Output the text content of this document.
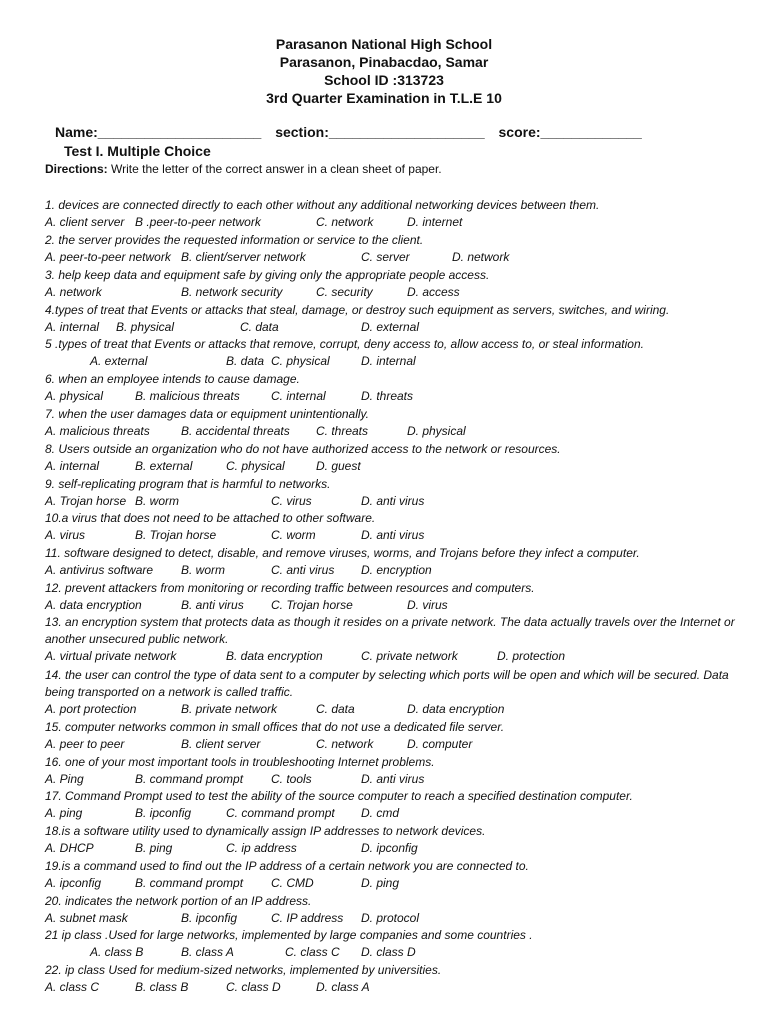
Parasanon National High School
Parasanon, Pinabacdao, Samar
School ID :313723
3rd Quarter Examination in T.L.E 10
Name:_____________________ section:____________________ score:_____________
Test I. Multiple Choice
Directions: Write the letter of the correct answer in a clean sheet of paper.
1. devices are connected directly to each other without any additional networking devices between them.
A. client server B .peer-to-peer network	C. network	D. internet
2. the server provides the requested information or service to the client.
A. peer-to-peer network B. client/server network	C. server	D. network
3. help keep data and equipment safe by giving only the appropriate people access.
A. network	B. network security	C. security	D. access
4.types of treat that Events or attacks that steal, damage, or destroy such equipment as servers, switches, and wiring.
A. internal B. physical	C. data	D. external
5 .types of treat that Events or attacks that remove, corrupt, deny access to, allow access to, or steal information.
A. external	B. data C. physical	D. internal
6. when an employee intends to cause damage.
A. physical	B. malicious threats	C. internal	D. threats
7. when the user damages data or equipment unintentionally.
A. malicious threats	B. accidental threats C. threats	D. physical
8. Users outside an organization who do not have authorized access to the network or resources.
A. internal	B. external	C. physical	D. guest
9. self-replicating program that is harmful to networks.
A. Trojan horse B. worm	C. virus	D. anti virus
10.a virus that does not need to be attached to other software.
A. virus	B. Trojan horse	C. worm	D. anti virus
11. software designed to detect, disable, and remove viruses, worms, and Trojans before they infect a computer.
A. antivirus software B. worm	C. anti virus D. encryption
12. prevent attackers from monitoring or recording traffic between resources and computers.
A. data encryption	B. anti virus C. Trojan horse	D. virus
13. an encryption system that protects data as though it resides on a private network. The data actually travels over the Internet or another unsecured public network.
A. virtual private network	B. data encryption	C. private network	D. protection
14. the user can control the type of data sent to a computer by selecting which ports will be open and which will be secured. Data being transported on a network is called traffic.
A. port protection	B. private network	C. data	D. data encryption
15. computer networks common in small offices that do not use a dedicated file server.
A. peer to peer	B. client server	C. network	D. computer
16. one of your most important tools in troubleshooting Internet problems.
A. Ping	B. command prompt C. tools	D. anti virus
17. Command Prompt used to test the ability of the source computer to reach a specified destination computer.
A. ping	B. ipconfig	C. command prompt D. cmd
18.is a software utility used to dynamically assign IP addresses to network devices.
A. DHCP	B. ping	C. ip address	D. ipconfig
19.is a command used to find out the IP address of a certain network you are connected to.
A. ipconfig	B. command prompt C. CMD	D. ping
20. indicates the network portion of an IP address.
A. subnet mask	B. ipconfig	C. IP address D. protocol
21 ip class .Used for large networks, implemented by large companies and some countries .
A. class B	B. class A	C. class C D. class D
22. ip class Used for medium-sized networks, implemented by universities.
A. class C	B. class B	C. class D	D. class A
